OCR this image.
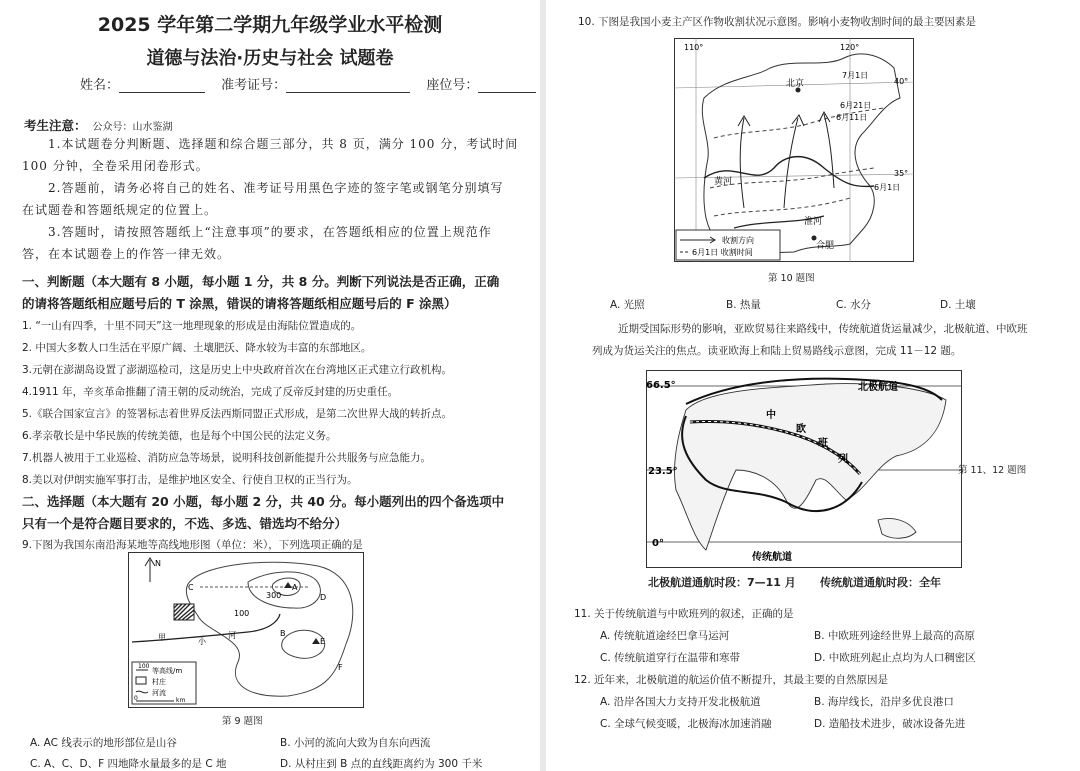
2025 学年第二学期九年级学业水平检测
道德与法治·历史与社会 试题卷
姓名：	准考证号：	座位号：
考生注意： 公众号：山水鉴湖
1.本试题卷分判断题、选择题和综合题三部分，共 8 页，满分 100 分，考试时间
100 分钟，全卷采用闭卷形式。
2.答题前，请务必将自己的姓名、准考证号用黑色字迹的签字笔或钢笔分别填写
在试题卷和答题纸规定的位置上。
3.答题时，请按照答题纸上“注意事项”的要求，在答题纸相应的位置上规范作
答，在本试题卷上的作答一律无效。
一、判断题（本大题有 8 小题，每小题 1 分，共 8 分。判断下列说法是否正确，正确
的请将答题纸相应题号后的 T 涂黑，错误的请将答题纸相应题号后的 F 涂黑）
1. “一山有四季，十里不同天”这一地理现象的形成是由海陆位置造成的。
2. 中国大多数人口生活在平原广阔、土壤肥沃、降水较为丰富的东部地区。
3.元朝在澎湖岛设置了澎湖巡检司，这是历史上中央政府首次在台湾地区正式建立行政机构。
4.1911 年，辛亥革命推翻了清王朝的反动统治，完成了反帝反封建的历史重任。
5.《联合国家宣言》的签署标志着世界反法西斯同盟正式形成，是第二次世界大战的转折点。
6.孝亲敬长是中华民族的传统美德，也是每个中国公民的法定义务。
7.机器人被用于工业巡检、消防应急等场景，说明科技创新能提升公共服务与应急能力。
8.美以对伊朗实施军事打击，是维护地区安全、行使自卫权的正当行为。
二、选择题（本大题有 20 小题，每小题 2 分，共 40 分。每小题列出的四个备选项中
只有一个是符合题目要求的，不选、多选、错选均不给分）
9.下图为我国东南沿海某地等高线地形图（单位：米），下列选项正确的是
N
C	A
300	D
100
B
E
甲	小
河
F
100
等高线/m
村庄
河流
0	km
第 9 题图
A. AC 线表示的地形部位是山谷	B. 小河的流向大致为自东向西流
C. A、C、D、F 四地降水量最多的是 C 地	D. 从村庄到 B 点的直线距离约为 300 千米
10. 下图是我国小麦主产区作物收割状况示意图。影响小麦物收割时间的最主要因素是
110°	120°
北京
7月1日
40°
6月21日
6月11日
35°
6月1日
黄河
淮河
合肥
收割方向
6月1日 收割时间
第 10 题图
A. 光照	B. 热量	C. 水分	D. 土壤
近期受国际形势的影响，亚欧贸易往来路线中，传统航道货运量减少，北极航道、中欧班
列成为货运关注的焦点。读亚欧海上和陆上贸易路线示意图，完成 11－12 题。
66.5°	北极航道
中
欧
班
列
23.5°
0°
传统航道
第 11、12 题图
北极航道通航时段：7—11 月 传统航道通航时段：全年
11. 关于传统航道与中欧班列的叙述，正确的是
A. 传统航道途经巴拿马运河	B. 中欧班列途经世界上最高的高原
C. 传统航道穿行在温带和寒带	D. 中欧班列起止点均为人口稠密区
12. 近年来，北极航道的航运价值不断提升，其最主要的自然原因是
A. 沿岸各国大力支持开发北极航道	B. 海岸线长，沿岸多优良港口
C. 全球气候变暖，北极海冰加速消融	D. 造船技术进步，破冰设备先进
